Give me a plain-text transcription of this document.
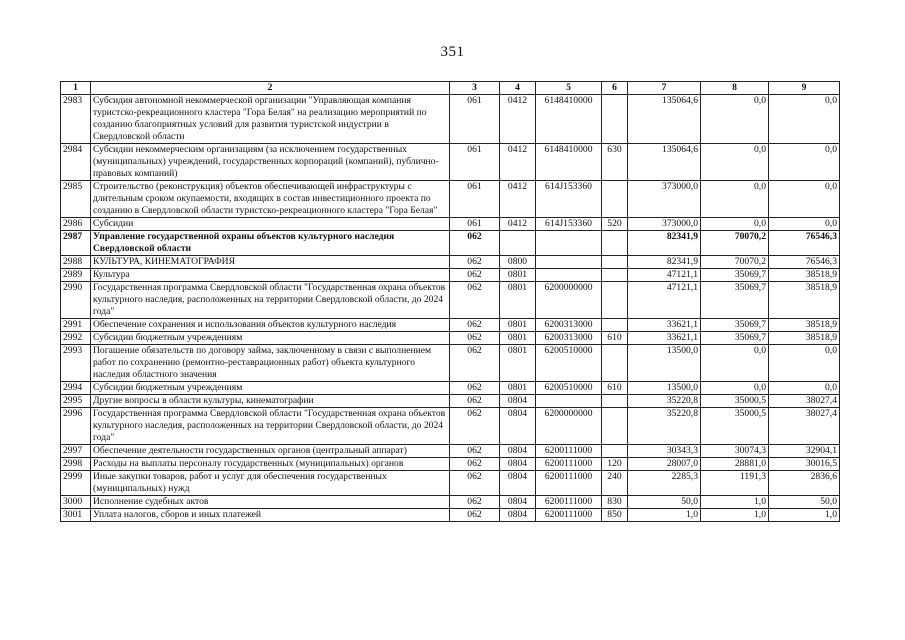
351
1	2	3	4	5	6	7	8	9
2983	Субсидия автономной некоммерческой организации "Управляющая компания туристско-рекреационного кластера "Гора Белая" на реализацию мероприятий по созданию благоприятных условий для развития туристской индустрии в Свердловской области	061	0412	6148410000		135064,6	0,0	0,0
2984	Субсидии некоммерческим организациям (за исключением государственных (муниципальных) учреждений, государственных корпораций (компаний), публично-правовых компаний)	061	0412	6148410000	630	135064,6	0,0	0,0
2985	Строительство (реконструкция) объектов обеспечивающей инфраструктуры с длительным сроком окупаемости, входящих в состав инвестиционного проекта по созданию в Свердловской области туристско-рекреационного кластера "Гора Белая"	061	0412	614J153360		373000,0	0,0	0,0
2986	Субсидии	061	0412	614J153360	520	373000,0	0,0	0,0
2987	Управление государственной охраны объектов культурного наследия Свердловской области	062				82341,9	70070,2	76546,3
2988	КУЛЬТУРА, КИНЕМАТОГРАФИЯ	062	0800			82341,9	70070,2	76546,3
2989	Культура	062	0801			47121,1	35069,7	38518,9
2990	Государственная программа Свердловской области "Государственная охрана объектов культурного наследия, расположенных на территории Свердловской области, до 2024 года"	062	0801	6200000000		47121,1	35069,7	38518,9
2991	Обеспечение сохранения и использования объектов культурного наследия	062	0801	6200313000		33621,1	35069,7	38518,9
2992	Субсидии бюджетным учреждениям	062	0801	6200313000	610	33621,1	35069,7	38518,9
2993	Погашение обязательств по договору займа, заключенному в связи с выполнением работ по сохранению (ремонтно-реставрационных работ) объекта культурного наследия областного значения	062	0801	6200510000		13500,0	0,0	0,0
2994	Субсидии бюджетным учреждениям	062	0801	6200510000	610	13500,0	0,0	0,0
2995	Другие вопросы в области культуры, кинематографии	062	0804			35220,8	35000,5	38027,4
2996	Государственная программа Свердловской области "Государственная охрана объектов культурного наследия, расположенных на территории Свердловской области, до 2024 года"	062	0804	6200000000		35220,8	35000,5	38027,4
2997	Обеспечение деятельности государственных органов (центральный аппарат)	062	0804	6200111000		30343,3	30074,3	32904,1
2998	Расходы на выплаты персоналу государственных (муниципальных) органов	062	0804	6200111000	120	28007,0	28881,0	30016,5
2999	Иные закупки товаров, работ и услуг для обеспечения государственных (муниципальных) нужд	062	0804	6200111000	240	2285,3	1191,3	2836,6
3000	Исполнение судебных актов	062	0804	6200111000	830	50,0	1,0	50,0
3001	Уплата налогов, сборов и иных платежей	062	0804	6200111000	850	1,0	1,0	1,0
